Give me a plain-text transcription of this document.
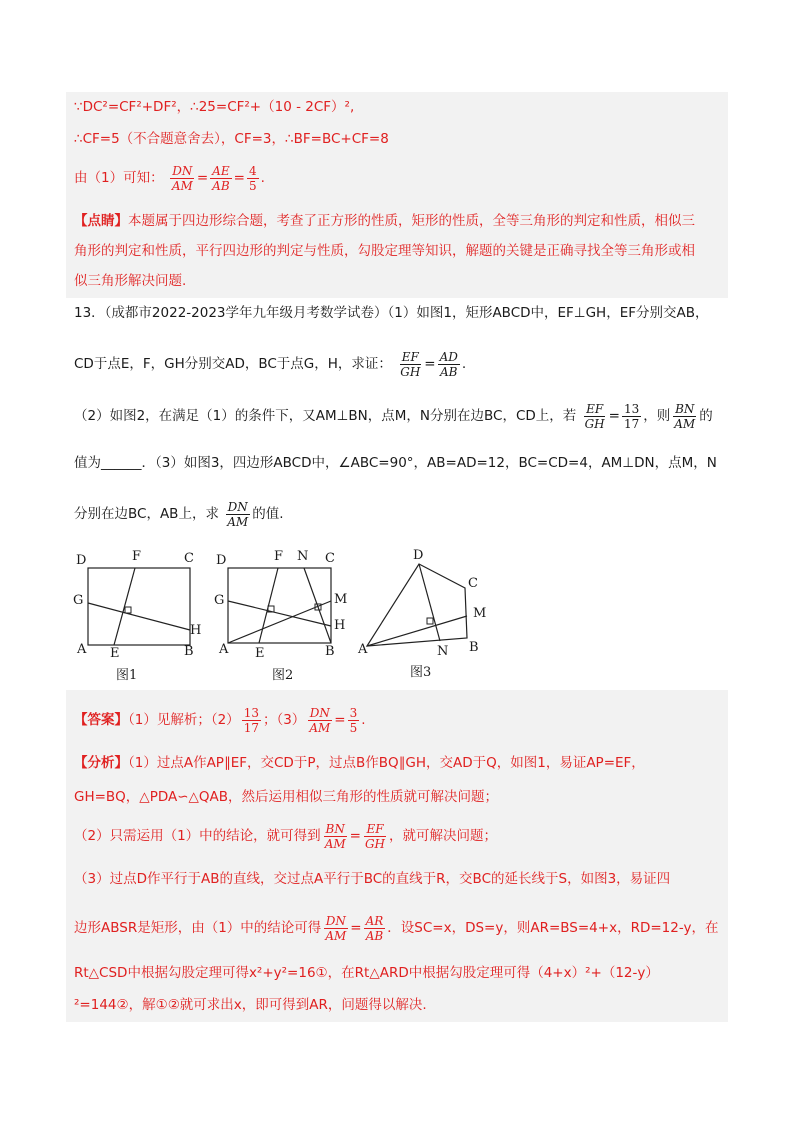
∵DC²=CF²+DF²，∴25=CF²+（10 - 2CF）²,
∴CF=5（不合题意舍去），CF=3，∴BF=BC+CF=8
由（1）可知： $\frac{DN}{AM} = \frac{AE}{AB} = \frac{4}{5}$ .
【点睛】本题属于四边形综合题，考查了正方形的性质，矩形的性质，全等三角形的判定和性质，相似三
角形的判定和性质，平行四边形的判定与性质，勾股定理等知识，解题的关键是正确寻找全等三角形或相
似三角形解决问题.
13．（成都市2022-2023学年九年级月考数学试卷）（1）如图1，矩形ABCD中，EF⊥GH，EF分别交AB，
CD于点E，F，GH分别交AD，BC于点G，H，求证： $\frac{EF}{GH} = \frac{AD}{AB}$ .
（2）如图2，在满足（1）的条件下，又AM⊥BN，点M，N分别在边BC，CD上，若 $\frac{EF}{GH} = \frac{13}{17}$ ，则 $\frac{BN}{AM}$ 的
值为______．（3）如图3，四边形ABCD中，∠ABC=90°，AB=AD=12，BC=CD=4，AM⊥DN，点M，N
分别在边BC，AB上，求 $\frac{DN}{AM}$ 的值.
D	F	C
G
H
A E	B
图1
D	F N C
G	M
H
A E	B
图2
D
C
M
A	N B
图3
【答案】（1）见解析；$(2) \frac{13}{17}$ ；$(3) \frac{DN}{AM} = \frac{3}{5}$ .
【分析】（1）过点A作AP∥EF，交CD于P，过点B作BQ∥GH，交AD于Q，如图1，易证AP=EF，
GH=BQ，△PDA∽△QAB，然后运用相似三角形的性质就可解决问题；
（2）只需运用（1）中的结论，就可得到 $\frac{BN}{AM} = \frac{EF}{GH}$ ，就可解决问题；
（3）过点D作平行于AB的直线，交过点A平行于BC的直线于R，交BC的延长线于S，如图3，易证四
边形ABSR是矩形，由（1）中的结论可得 $\frac{DN}{AM} = \frac{AR}{AB}$ ．设SC=x，DS=y，则AR=BS=4+x，RD=12-y，在
Rt△CSD中根据勾股定理可得x²+y²=16①，在Rt△ARD中根据勾股定理可得（4+x）²+（12-y）
²=144②，解①②就可求出x，即可得到AR，问题得以解决.
